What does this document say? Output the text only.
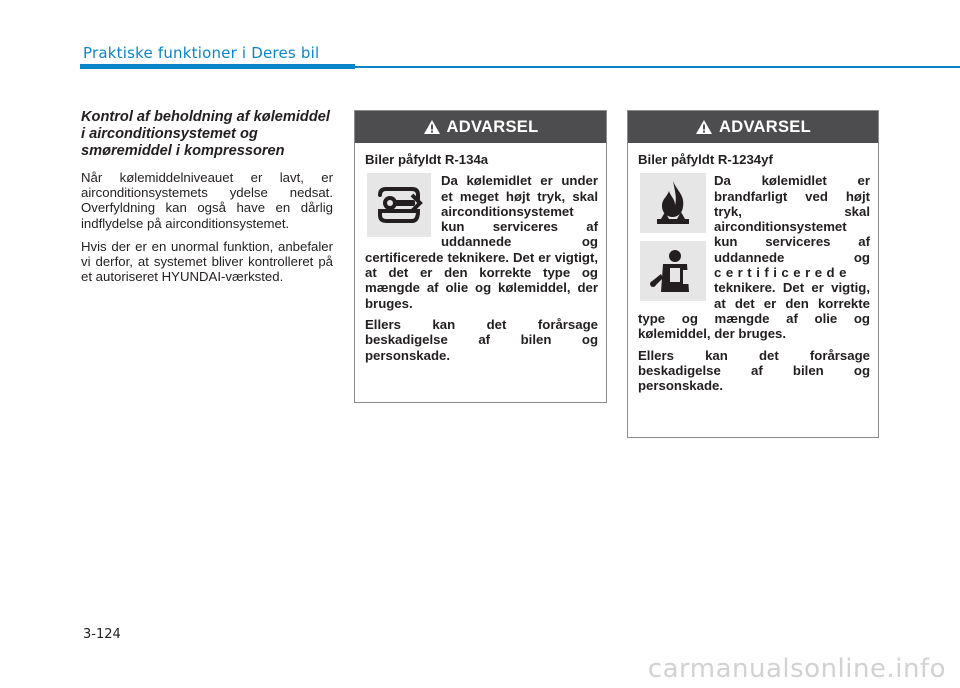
Praktiske funktioner i Deres bil
Kontrol af beholdning af kølemiddel i airconditionsystemet og smøremiddel i kompressoren

Når kølemiddelniveauet er lavt, er airconditionsystemets ydelse nedsat. Overfyldning kan også have en dårlig indflydelse på airconditionsystemet.

Hvis der er en unormal funktion, anbefaler vi derfor, at systemet bliver kontrolleret på et autoriseret HYUNDAI-værksted.

ADVARSEL
Biler påfyldt R-134a
Da kølemidlet er under et meget højt tryk, skal airconditionsystemet kun serviceres af uddannede og certificerede teknikere. Det er vigtigt, at det er den korrekte type og mængde af olie og kølemiddel, der bruges.
Ellers kan det forårsage beskadigelse af bilen og personskade.
ADVARSEL
Biler påfyldt R-1234yf
Da kølemidlet er brandfarligt ved højt tryk, skal airconditionsystemet kun serviceres af uddannede og certificerede teknikere. Det er vigtig, at det er den korrekte type og mængde af olie og kølemiddel, der bruges.
Ellers kan det forårsage beskadigelse af bilen og personskade.
3-124
carmanualsonline.info
